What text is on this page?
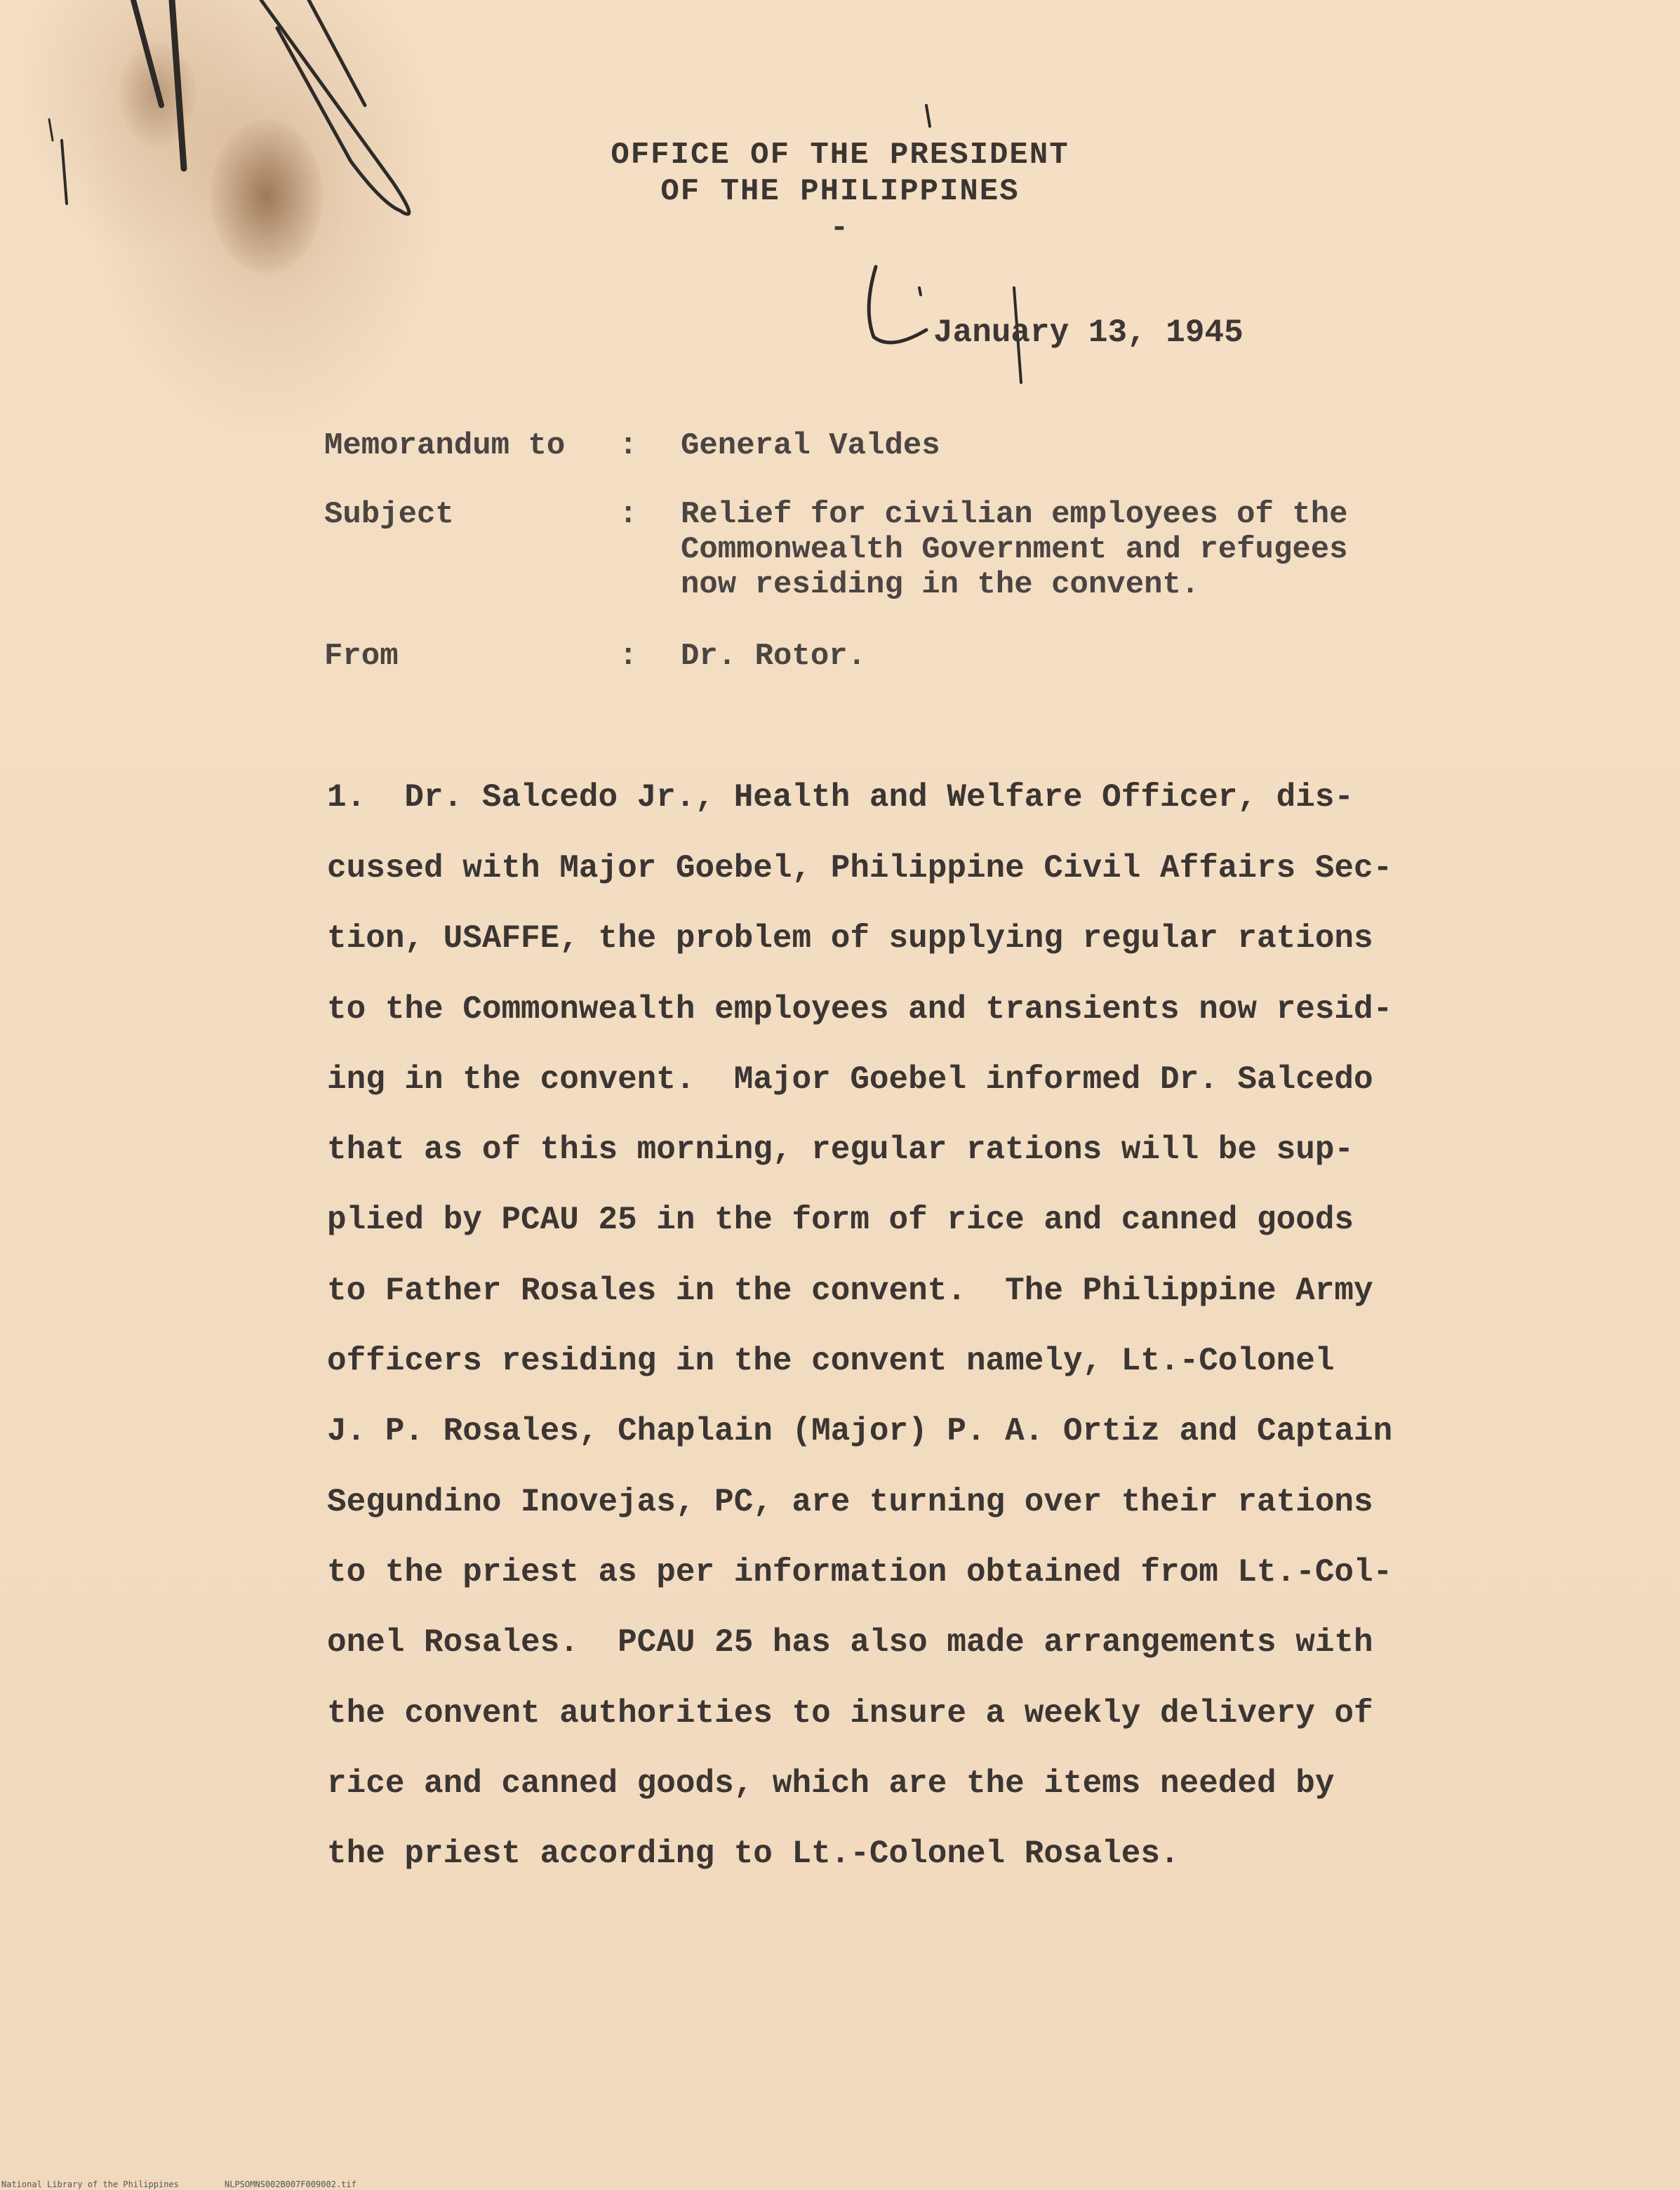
OFFICE OF THE PRESIDENT
OF THE PHILIPPINES
-
January 13, 1945
Memorandum to : General Valdes
Subject	: Relief for civilian employees of the
Commonwealth Government and refugees
now residing in the convent.
From	: Dr. Rotor.
1.  Dr. Salcedo Jr., Health and Welfare Officer, dis-
cussed with Major Goebel, Philippine Civil Affairs Sec-
tion, USAFFE, the problem of supplying regular rations
to the Commonwealth employees and transients now resid-
ing in the convent.  Major Goebel informed Dr. Salcedo
that as of this morning, regular rations will be sup-
plied by PCAU 25 in the form of rice and canned goods
to Father Rosales in the convent.  The Philippine Army
officers residing in the convent namely, Lt.-Colonel
J. P. Rosales, Chaplain (Major) P. A. Ortiz and Captain
Segundino Inovejas, PC, are turning over their rations
to the priest as per information obtained from Lt.-Col-
onel Rosales.  PCAU 25 has also made arrangements with
the convent authorities to insure a weekly delivery of
rice and canned goods, which are the items needed by
the priest according to Lt.-Colonel Rosales.
National Library of the Philippines	NLPSOMNS002B007F009002.tif
